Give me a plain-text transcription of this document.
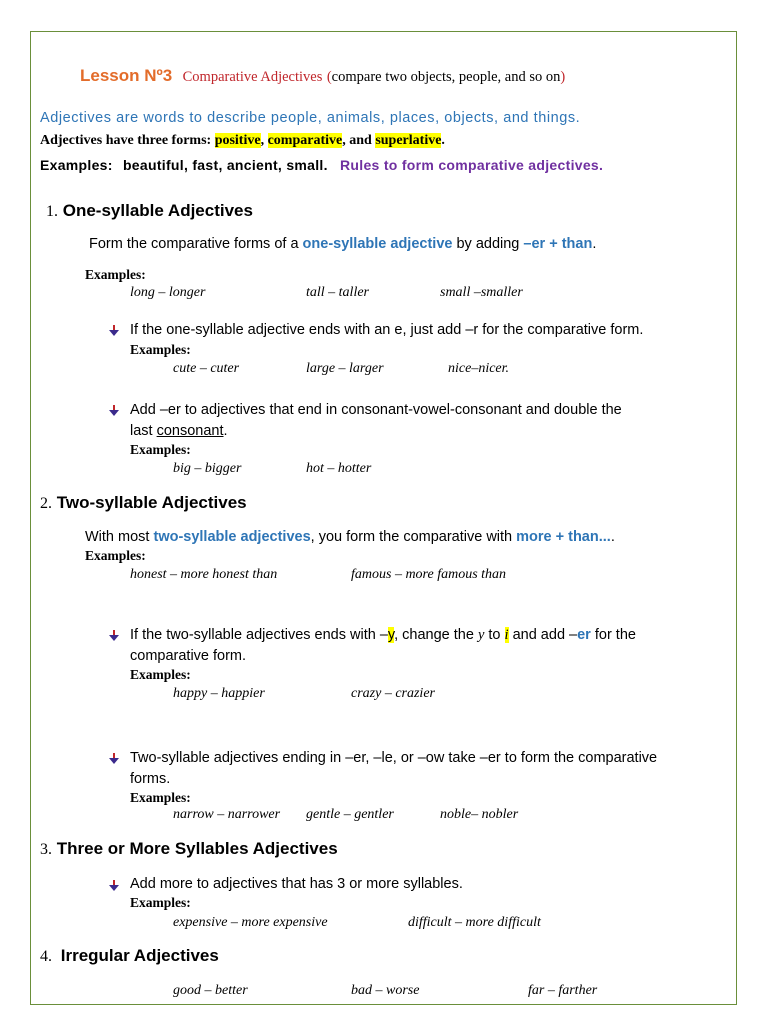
Lesson Nº3 Comparative Adjectives (compare two objects, people, and so on)
Adjectives are words to describe people, animals, places, objects, and things.
Adjectives have three forms: positive, comparative, and superlative.
Examples: beautiful, fast, ancient, small. Rules to form comparative adjectives.
1. One-syllable Adjectives
Form the comparative forms of a one-syllable adjective by adding –er + than.
Examples:
long – longer	tall – taller	small –smaller
If the one-syllable adjective ends with an e, just add –r for the comparative form.
Examples:
cute – cuter	large – larger	nice–nicer.
Add –er to adjectives that end in consonant-vowel-consonant and double the
last consonant.
Examples:
big – bigger	hot – hotter
2. Two-syllable Adjectives
With most two-syllable adjectives, you form the comparative with more + than....
Examples:
honest – more honest than	famous – more famous than
If the two-syllable adjectives ends with –y, change the y to i and add –er for the
comparative form.
Examples:
happy – happier	crazy – crazier
Two-syllable adjectives ending in –er, –le, or –ow take –er to form the comparative
forms.
Examples:
narrow – narrower gentle – gentler	noble– nobler
3. Three or More Syllables Adjectives
Add more to adjectives that has 3 or more syllables.
Examples:
expensive – more expensive	difficult – more difficult
4. Irregular Adjectives
good – better	bad – worse	far – farther
